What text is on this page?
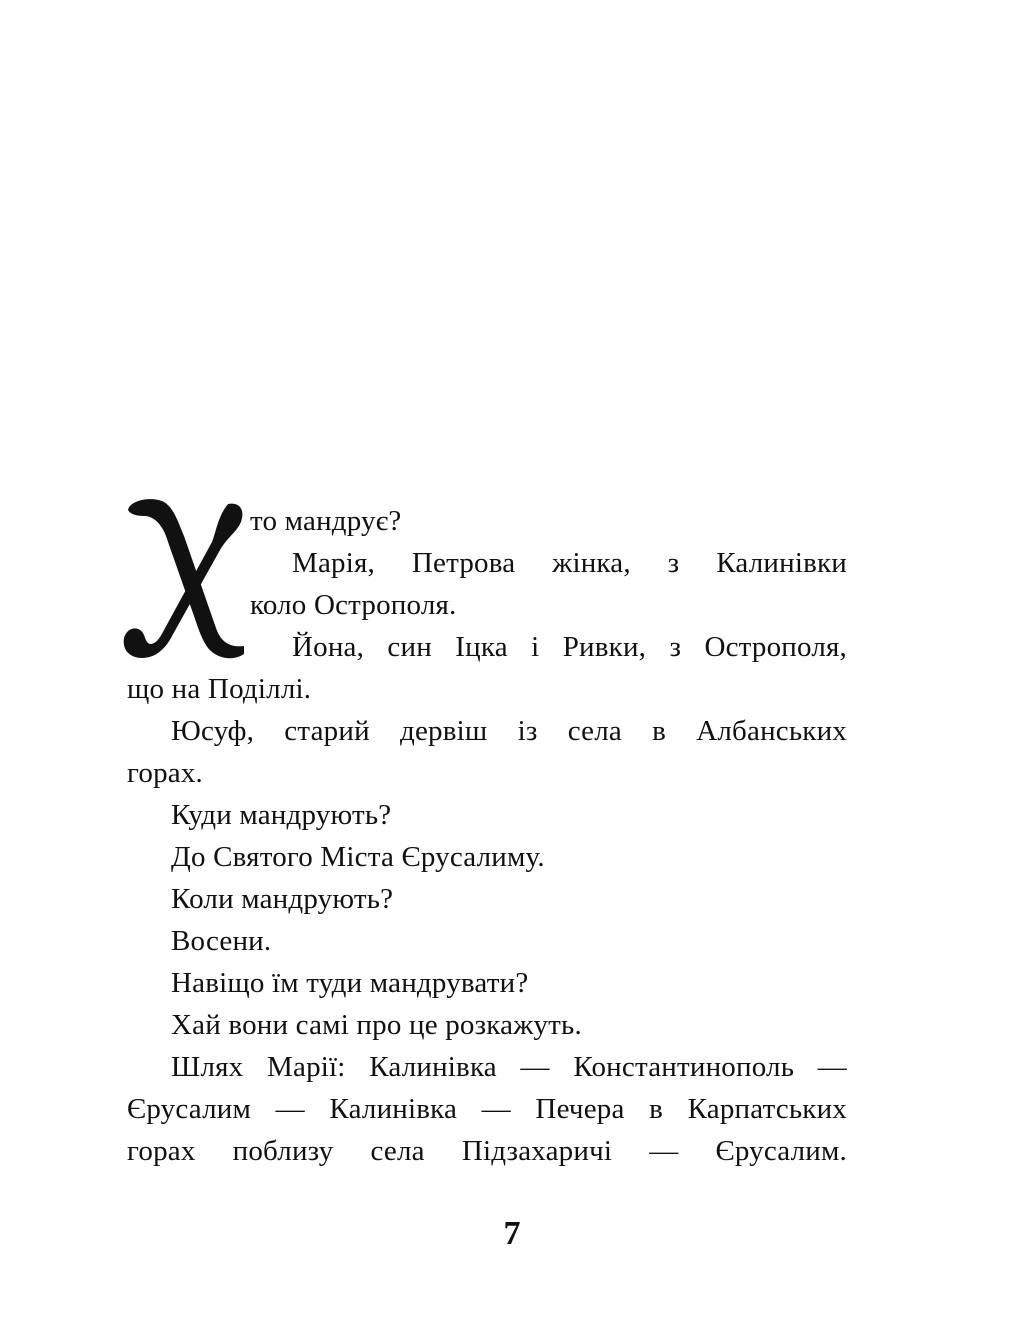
то мандрує?
Марія, Петрова жінка, з Калинівки
коло Острополя.
Йона, син Іцка і Ривки, з Острополя,
що на Поділлі.
Юсуф, старий дервіш із села в Албанських
горах.
Куди мандрують?
До Святого Міста Єрусалиму.
Коли мандрують?
Восени.
Навіщо їм туди мандрувати?
Хай вони самі про це розкажуть.
Шлях Марії: Калинівка — Константинополь —
Єрусалим — Калинівка — Печера в Карпатських
горах поблизу села Підзахаричі — Єрусалим.
7
